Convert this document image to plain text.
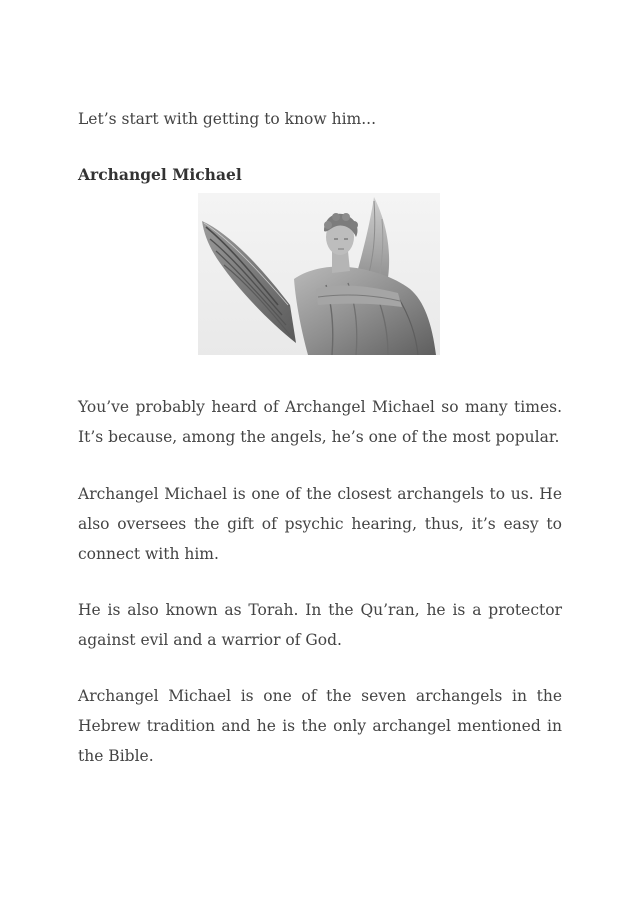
Let’s start with getting to know him...

Archangel Michael

You’ve probably heard of Archangel Michael so many times. It’s because, among the angels, he’s one of the most popular.

Archangel Michael is one of the closest archangels to us. He also oversees the gift of psychic hearing, thus, it’s easy to connect with him.

He is also known as Torah. In the Qu’ran, he is a protector against evil and a warrior of God.

Archangel Michael is one of the seven archangels in the Hebrew tradition and he is the only archangel mentioned in the Bible.
